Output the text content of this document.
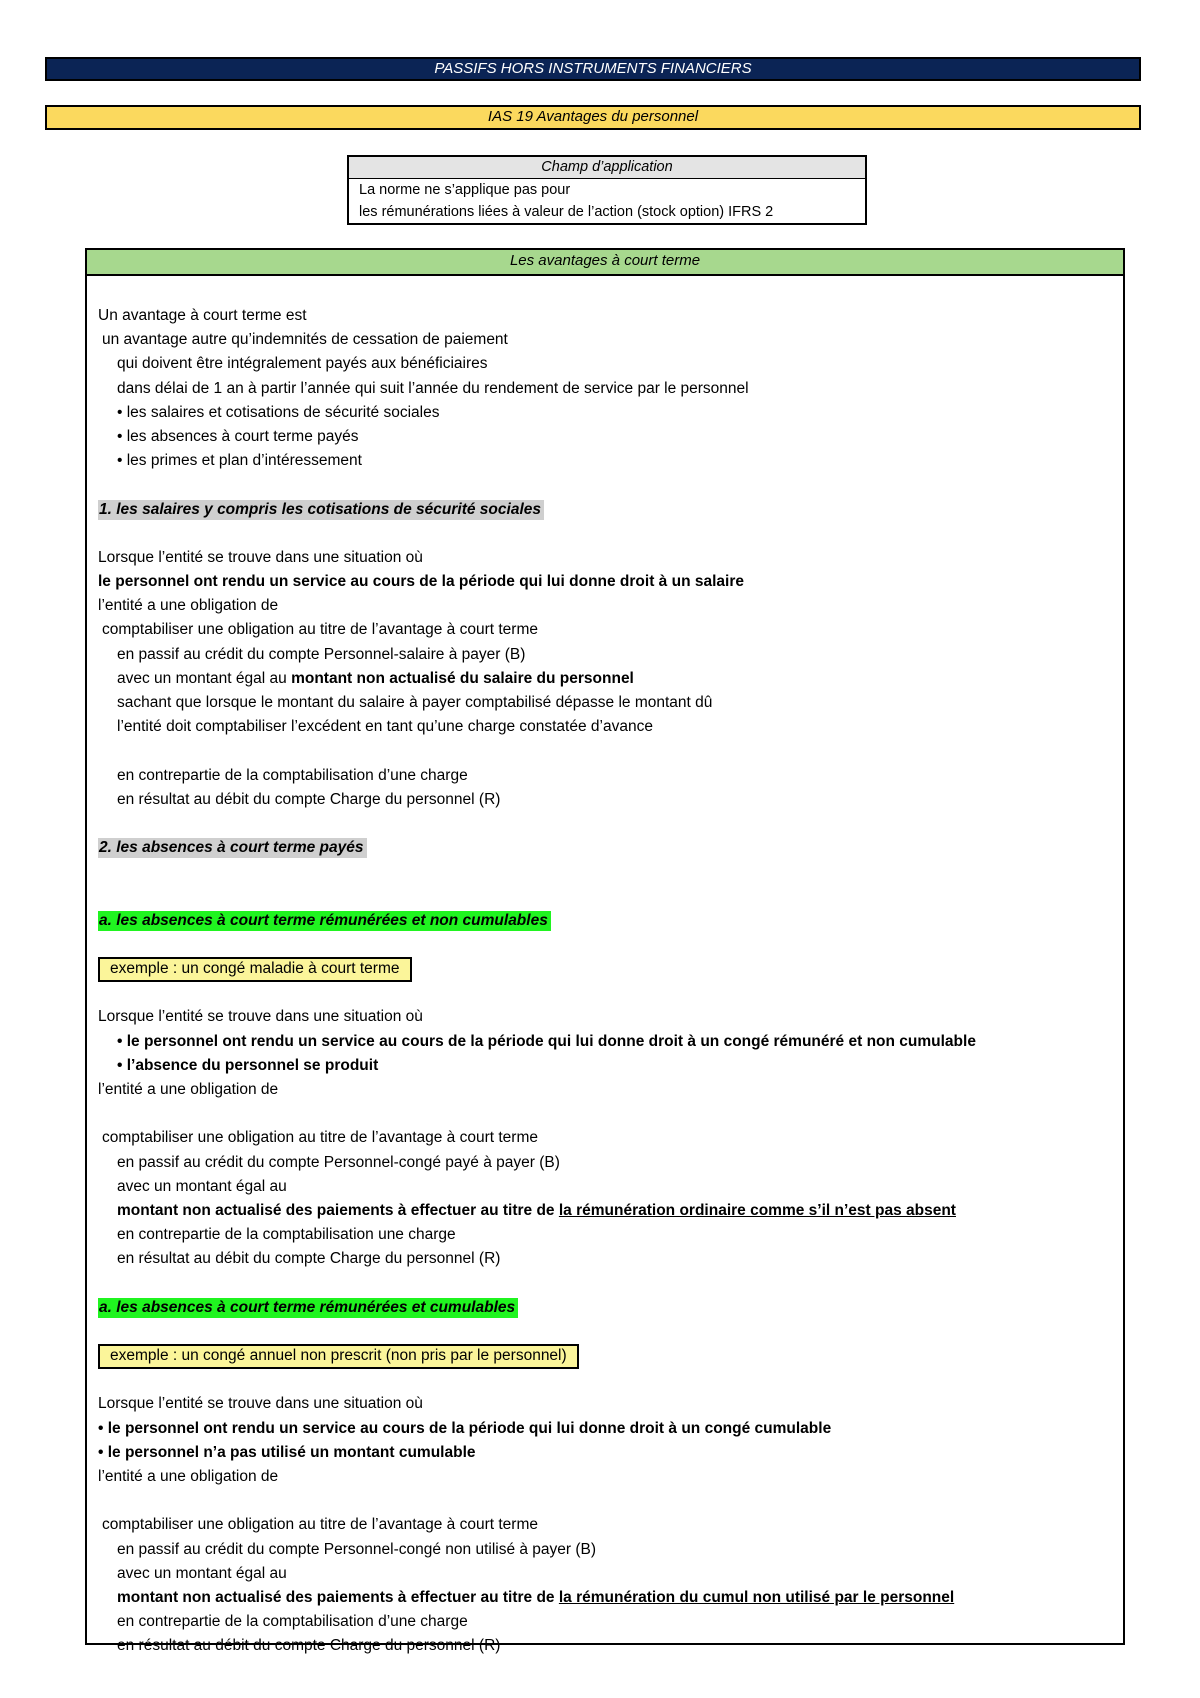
PASSIFS HORS INSTRUMENTS FINANCIERS
IAS 19 Avantages du personnel
Champ d’application
La norme ne s’applique pas pour
les rémunérations liées à valeur de l’action (stock option) IFRS 2
Les avantages à court terme
Un avantage à court terme est
un avantage autre qu’indemnités de cessation de paiement
qui doivent être intégralement payés aux bénéficiaires
dans délai de 1 an à partir l’année qui suit l’année du rendement de service par le personnel
• les salaires et cotisations de sécurité sociales
• les absences à court terme payés
• les primes et plan d’intéressement
1. les salaires y compris les cotisations de sécurité sociales
Lorsque l’entité se trouve dans une situation où
le personnel ont rendu un service au cours de la période qui lui donne droit à un salaire
l’entité a une obligation de
comptabiliser une obligation au titre de l’avantage à court terme
en passif au crédit du compte Personnel-salaire à payer (B)
avec un montant égal au montant non actualisé du salaire du personnel
sachant que lorsque le montant du salaire à payer comptabilisé dépasse le montant dû
l’entité doit comptabiliser l’excédent en tant qu’une charge constatée d’avance
en contrepartie de la comptabilisation d’une charge
en résultat au débit du compte Charge du personnel (R)
2. les absences à court terme payés
a. les absences à court terme rémunérées et non cumulables
exemple : un congé maladie à court terme
Lorsque l’entité se trouve dans une situation où
• le personnel ont rendu un service au cours de la période qui lui donne droit à un congé rémunéré et non cumulable
• l’absence du personnel se produit
l’entité a une obligation de
comptabiliser une obligation au titre de l’avantage à court terme
en passif au crédit du compte Personnel-congé payé à payer (B)
avec un montant égal au
montant non actualisé des paiements à effectuer au titre de la rémunération ordinaire comme s’il n’est pas absent
en contrepartie de la comptabilisation une charge
en résultat au débit du compte Charge du personnel (R)
a. les absences à court terme rémunérées et cumulables
exemple : un congé annuel non prescrit (non pris par le personnel)
Lorsque l’entité se trouve dans une situation où
• le personnel ont rendu un service au cours de la période qui lui donne droit à un congé cumulable
• le personnel n’a pas utilisé un montant cumulable
l’entité a une obligation de
comptabiliser une obligation au titre de l’avantage à court terme
en passif au crédit du compte Personnel-congé non utilisé à payer (B)
avec un montant égal au
montant non actualisé des paiements à effectuer au titre de la rémunération du cumul non utilisé par le personnel
en contrepartie de la comptabilisation d’une charge
en résultat au débit du compte Charge du personnel (R)
